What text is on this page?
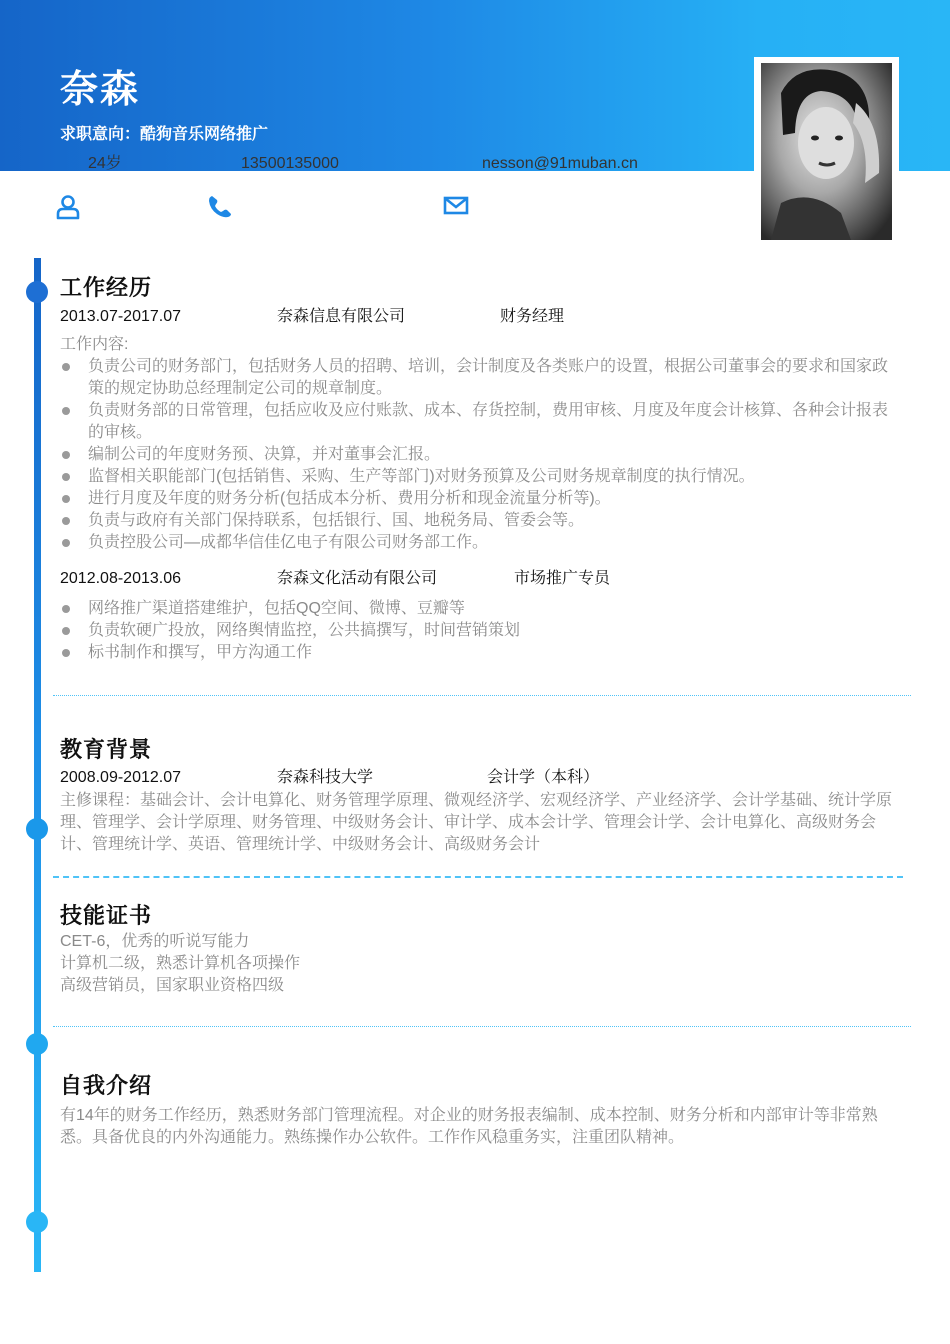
奈森
求职意向：酷狗音乐网络推广
24岁	13500135000	nesson@91muban.cn
工作经历
2013.07-2017.07	奈森信息有限公司	财务经理
工作内容:
负责公司的财务部门，包括财务人员的招聘、培训，会计制度及各类账户的设置，根据公司董事会的要求和国家政策的规定协助总经理制定公司的规章制度。
负责财务部的日常管理，包括应收及应付账款、成本、存货控制，费用审核、月度及年度会计核算、各种会计报表的审核。
编制公司的年度财务预、决算，并对董事会汇报。
监督相关职能部门(包括销售、采购、生产等部门)对财务预算及公司财务规章制度的执行情况。
进行月度及年度的财务分析(包括成本分析、费用分析和现金流量分析等)。
负责与政府有关部门保持联系，包括银行、国、地税务局、管委会等。
负责控股公司—成都华信佳亿电子有限公司财务部工作。
2012.08-2013.06	奈森文化活动有限公司	市场推广专员
网络推广渠道搭建维护，包括QQ空间、微博、豆瓣等
负责软硬广投放，网络舆情监控，公共搞撰写，时间营销策划
标书制作和撰写，甲方沟通工作
教育背景
2008.09-2012.07	奈森科技大学	会计学（本科）

主修课程：基础会计、会计电算化、财务管理学原理、微观经济学、宏观经济学、产业经济学、会计学基础、统计学原理、管理学、会计学原理、财务管理、中级财务会计、审计学、成本会计学、管理会计学、会计电算化、高级财务会计、管理统计学、英语、管理统计学、中级财务会计、高级财务会计

技能证书
CET-6，优秀的听说写能力
计算机二级，熟悉计算机各项操作
高级营销员，国家职业资格四级
自我介绍

有14年的财务工作经历，熟悉财务部门管理流程。对企业的财务报表编制、成本控制、财务分析和内部审计等非常熟悉。具备优良的内外沟通能力。熟练操作办公软件。工作作风稳重务实，注重团队精神。
